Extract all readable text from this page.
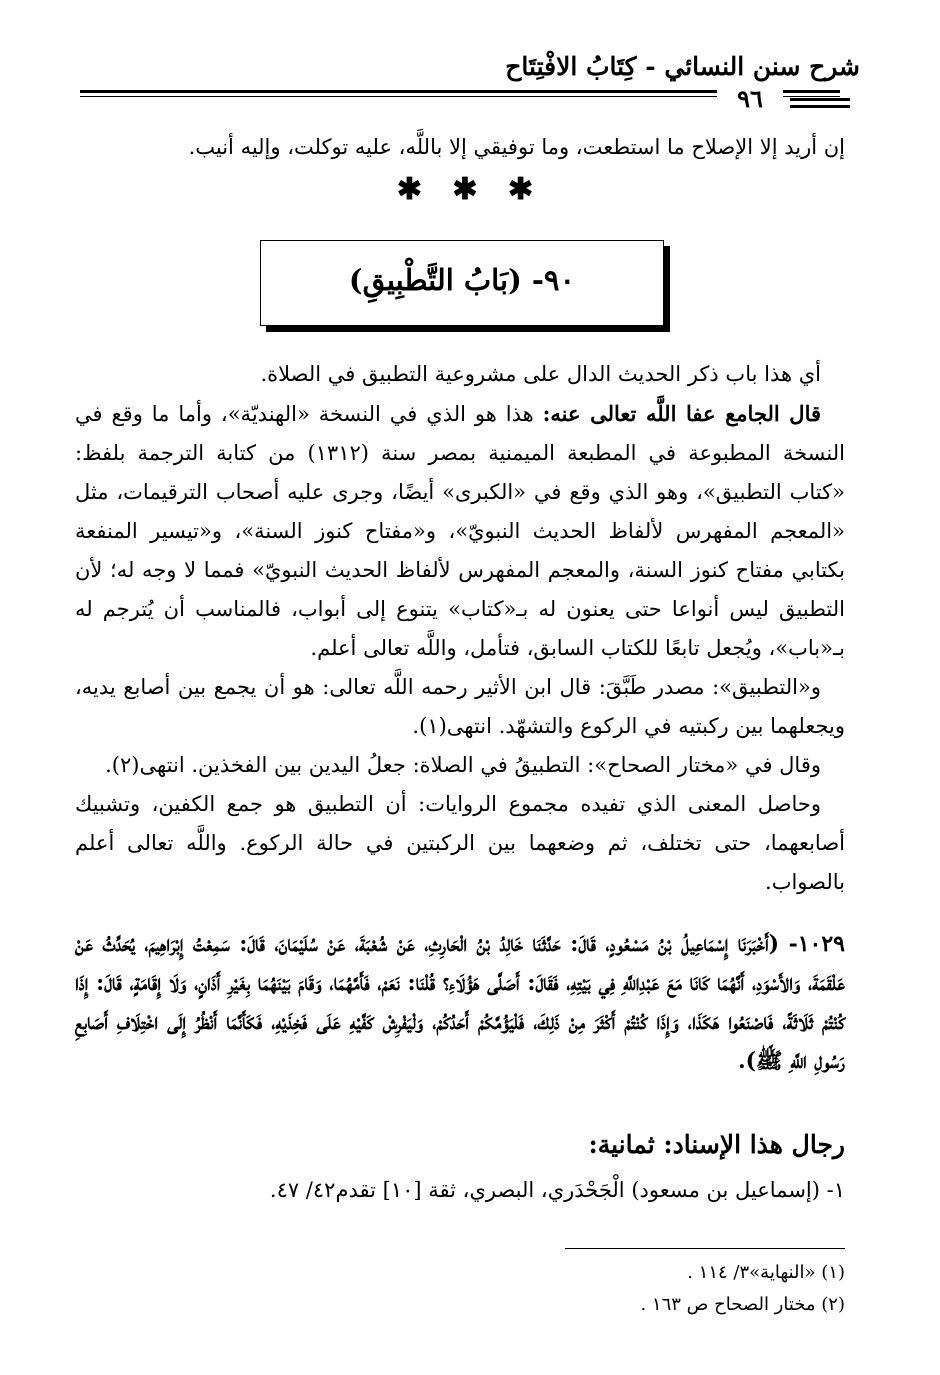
شرح سنن النسائي - كِتَابُ الافْتِتَاح
٩٦

إن أريد إلا الإصلاح ما استطعت، وما توفيقي إلا باللَّه، عليه توكلت، وإليه أنيب.

✱ ✱ ✱
٩٠- (بَابُ التَّطْبِيقِ)

أي هذا باب ذكر الحديث الدال على مشروعية التطبيق في الصلاة.

قال الجامع عفا اللَّه تعالى عنه: هذا هو الذي في النسخة «الهنديّة»، وأما ما وقع في النسخة المطبوعة في المطبعة الميمنية بمصر سنة (١٣١٢) من كتابة الترجمة بلفظ: «كتاب التطبيق»، وهو الذي وقع في «الكبرى» أيضًا، وجرى عليه أصحاب الترقيمات، مثل «المعجم المفهرس لألفاظ الحديث النبويّ»، و«مفتاح كنوز السنة»، و«تيسير المنفعة بكتابي مفتاح كنوز السنة، والمعجم المفهرس لألفاظ الحديث النبويّ» فمما لا وجه له؛ لأن التطبيق ليس أنواعا حتى يعنون له بـ«كتاب» يتنوع إلى أبواب، فالمناسب أن يُترجم له بـ«باب»، ويُجعل تابعًا للكتاب السابق، فتأمل، واللَّه تعالى أعلم.

و«التطبيق»: مصدر طَبَّقَ: قال ابن الأثير رحمه اللَّه تعالى: هو أن يجمع بين أصابع يديه، ويجعلهما بين ركبتيه في الركوع والتشهّد. انتهى(١).

وقال في «مختار الصحاح»: التطبيقُ في الصلاة: جعلُ اليدين بين الفخذين. انتهى(٢).

وحاصل المعنى الذي تفيده مجموع الروايات: أن التطبيق هو جمع الكفين، وتشبيك أصابعهما، حتى تختلف، ثم وضعهما بين الركبتين في حالة الركوع. واللَّه تعالى أعلم بالصواب.

١٠٢٩- (أَخْبَرَنَا إِسْمَاعِيلُ بْنُ مَسْعُودٍ، قَالَ: حَدَّثَنَا خَالِدُ بْنُ الْحَارِثِ، عَنْ شُعْبَةَ، عَنْ سُلَيْمَانَ، قَالَ: سَمِعْتُ إِبْرَاهِيمَ، يُحَدِّثُ عَنْ عَلْقَمَةَ، وَالأَسْوَدِ، أَنَّهُمَا كَانَا مَعَ عَبْدِاللَّهِ فِي بَيْتِهِ، فَقَالَ: أَصَلَّى هَؤُلَاءِ؟ قُلْنَا: نَعَمْ، فَأَمَّهُمَا، وَقَامَ بَيْنَهُمَا بِغَيْرِ أَذَانٍ، وَلَا إِقَامَةٍ، قَالَ: إِذَا كُنْتُمْ ثَلَاثَةً، فَاصْنَعُوا هَكَذَا، وَإِذَا كُنْتُمْ أَكْثَرَ مِنْ ذَلِكَ، فَلْيَؤُمَّكُمْ أَحَدُكُمْ، وَلْيَفْرِشْ كَفَّيْهِ عَلَى فَخِذَيْهِ، فَكَأَنَّمَا أَنْظُرُ إِلَى اخْتِلَافِ أَصَابِعِ رَسُولِ اللَّهِ ﷺ).
رجال هذا الإسناد: ثمانية:
١- (إسماعيل بن مسعود) الْجَحْدَري، البصري، ثقة [١٠] تقدم٤٢/ ٤٧.
(١) «النهاية»٣/ ١١٤ .
(٢) مختار الصحاح ص ١٦٣ .
